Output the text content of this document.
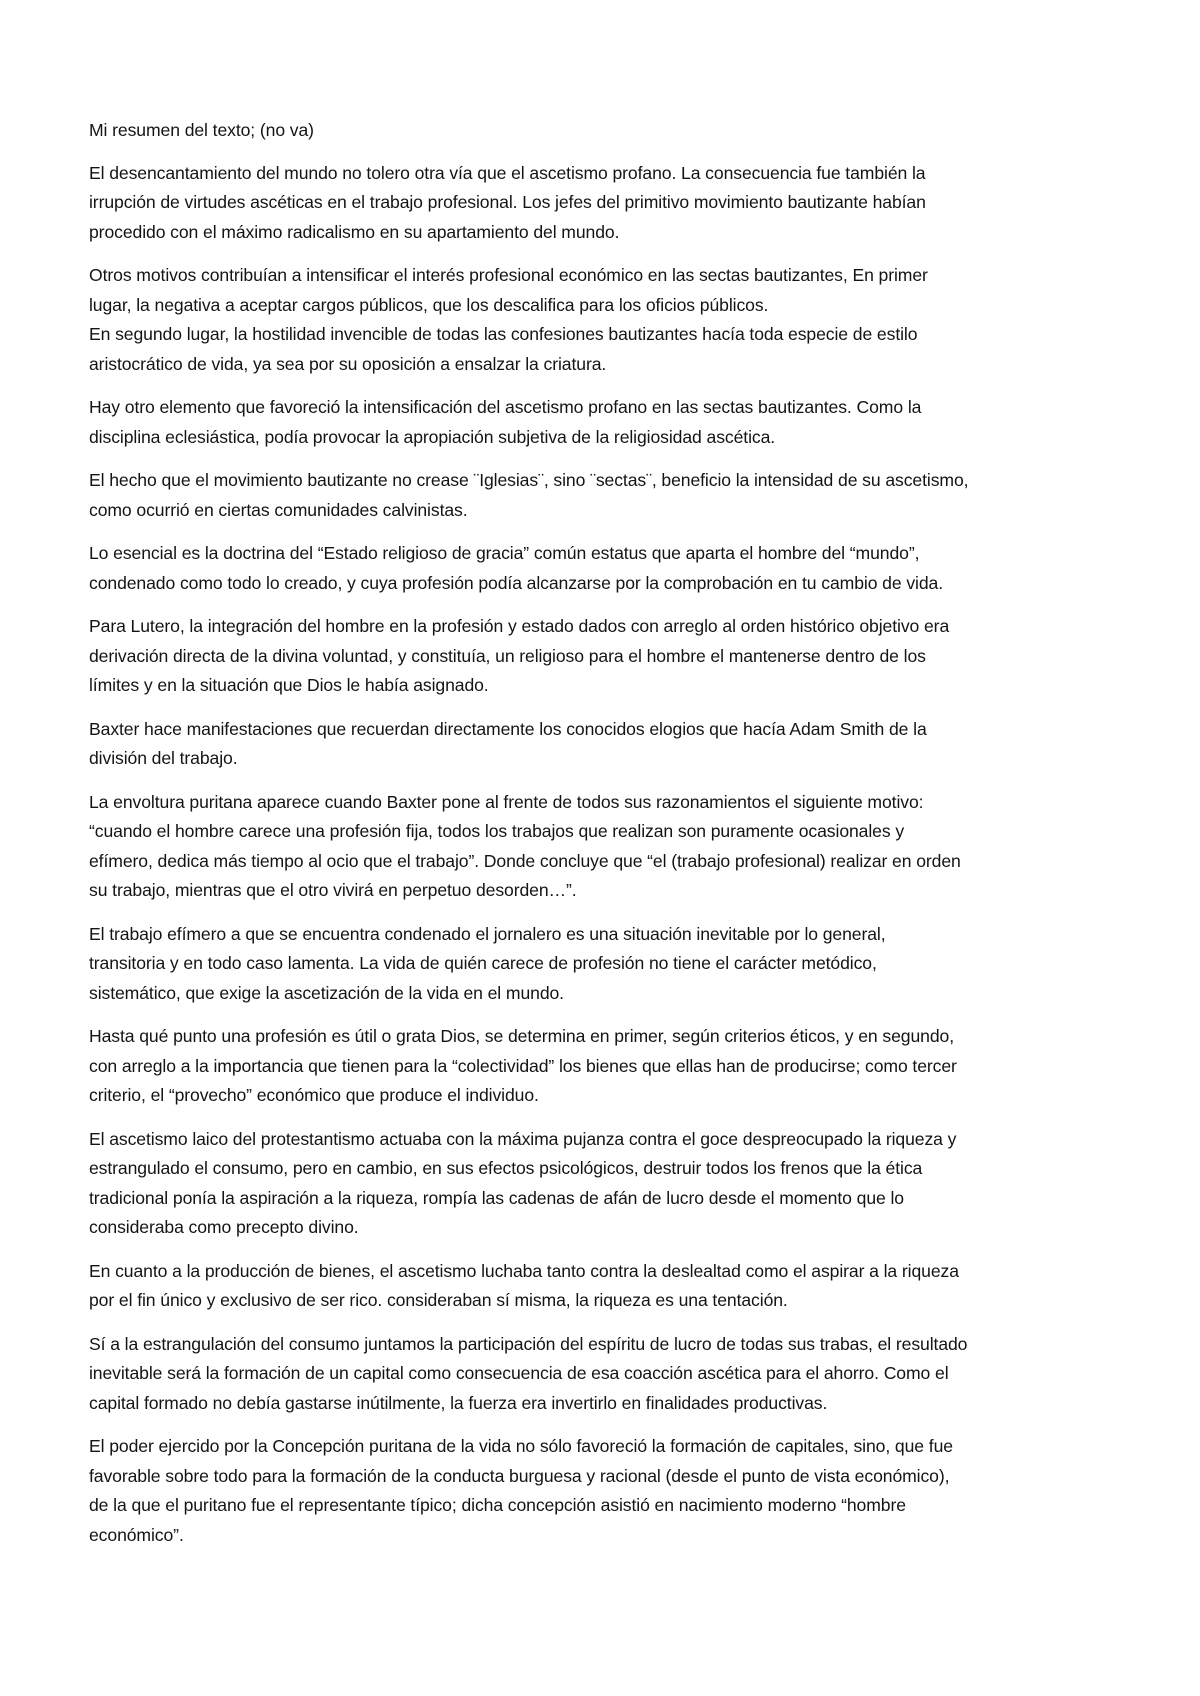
Mi resumen del texto; (no va)

El desencantamiento del mundo no tolero otra vía que el ascetismo profano. La consecuencia fue también la
irrupción de virtudes ascéticas en el trabajo profesional. Los jefes del primitivo movimiento bautizante habían
procedido con el máximo radicalismo en su apartamiento del mundo.

Otros motivos contribuían a intensificar el interés profesional económico en las sectas bautizantes, En primer
lugar, la negativa a aceptar cargos públicos, que los descalifica para los oficios públicos.
En segundo lugar, la hostilidad invencible de todas las confesiones bautizantes hacía toda especie de estilo
aristocrático de vida, ya sea por su oposición a ensalzar la criatura.

Hay otro elemento que favoreció la intensificación del ascetismo profano en las sectas bautizantes. Como la
disciplina eclesiástica, podía provocar la apropiación subjetiva de la religiosidad ascética.

El hecho que el movimiento bautizante no crease ¨Iglesias¨, sino ¨sectas¨, beneficio la intensidad de su ascetismo,
como ocurrió en ciertas comunidades calvinistas.

Lo esencial es la doctrina del “Estado religioso de gracia” común estatus que aparta el hombre del “mundo”,
condenado como todo lo creado, y cuya profesión podía alcanzarse por la comprobación en tu cambio de vida.

Para Lutero, la integración del hombre en la profesión y estado dados con arreglo al orden histórico objetivo era
derivación directa de la divina voluntad, y constituía, un religioso para el hombre el mantenerse dentro de los
límites y en la situación que Dios le había asignado.

Baxter hace manifestaciones que recuerdan directamente los conocidos elogios que hacía Adam Smith de la
división del trabajo.

La envoltura puritana aparece cuando Baxter pone al frente de todos sus razonamientos el siguiente motivo:
“cuando el hombre carece una profesión fija, todos los trabajos que realizan son puramente ocasionales y
efímero, dedica más tiempo al ocio que el trabajo”. Donde concluye que “el (trabajo profesional) realizar en orden
su trabajo, mientras que el otro vivirá en perpetuo desorden…”.

El trabajo efímero a que se encuentra condenado el jornalero es una situación inevitable por lo general,
transitoria y en todo caso lamenta. La vida de quién carece de profesión no tiene el carácter metódico,
sistemático, que exige la ascetización de la vida en el mundo.

Hasta qué punto una profesión es útil o grata Dios, se determina en primer, según criterios éticos, y en segundo,
con arreglo a la importancia que tienen para la “colectividad” los bienes que ellas han de producirse; como tercer
criterio, el “provecho” económico que produce el individuo.

El ascetismo laico del protestantismo actuaba con la máxima pujanza contra el goce despreocupado la riqueza y
estrangulado el consumo, pero en cambio, en sus efectos psicológicos, destruir todos los frenos que la ética
tradicional ponía la aspiración a la riqueza, rompía las cadenas de afán de lucro desde el momento que lo
consideraba como precepto divino.

En cuanto a la producción de bienes, el ascetismo luchaba tanto contra la deslealtad como el aspirar a la riqueza
por el fin único y exclusivo de ser rico. consideraban sí misma, la riqueza es una tentación.

Sí a la estrangulación del consumo juntamos la participación del espíritu de lucro de todas sus trabas, el resultado
inevitable será la formación de un capital como consecuencia de esa coacción ascética para el ahorro. Como el
capital formado no debía gastarse inútilmente, la fuerza era invertirlo en finalidades productivas.

El poder ejercido por la Concepción puritana de la vida no sólo favoreció la formación de capitales, sino, que fue
favorable sobre todo para la formación de la conducta burguesa y racional (desde el punto de vista económico),
de la que el puritano fue el representante típico; dicha concepción asistió en nacimiento moderno “hombre
económico”.
